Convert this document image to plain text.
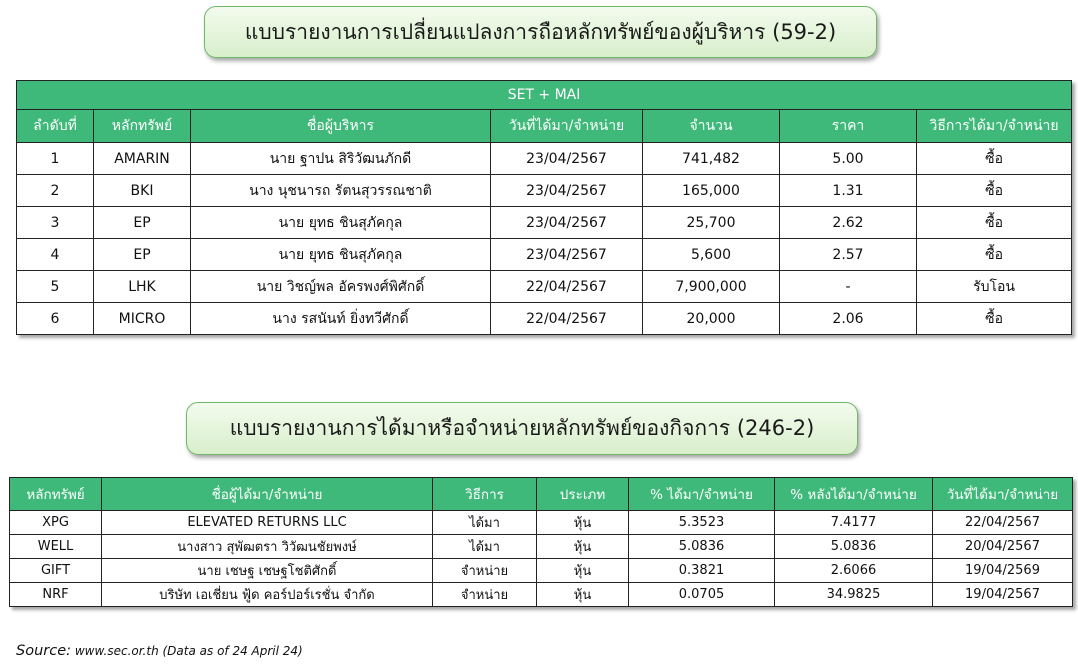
แบบรายงานการเปลี่ยนแปลงการถือหลักทรัพย์ของผู้บริหาร (59-2)
SET + MAI						
ลำดับที่	หลักทรัพย์	ชื่อผู้บริหาร	วันที่ได้มา/จำหน่าย	จำนวน	ราคา	วิธีการได้มา/จำหน่าย
1	AMARIN	นาย ฐาปน สิริวัฒนภักดี	23/04/2567	741,482	5.00	ซื้อ
2	BKI	นาง นุชนารถ รัตนสุวรรณชาติ	23/04/2567	165,000	1.31	ซื้อ
3	EP	นาย ยุทธ ชินสุภัคกุล	23/04/2567	25,700	2.62	ซื้อ
4	EP	นาย ยุทธ ชินสุภัคกุล	23/04/2567	5,600	2.57	ซื้อ
5	LHK	นาย วิชญ์พล อัครพงศ์พิศักดิ์	22/04/2567	7,900,000	-	รับโอน
6	MICRO	นาง รสนันท์ ยิ่งทวีศักดิ์	22/04/2567	20,000	2.06	ซื้อ
แบบรายงานการได้มาหรือจำหน่ายหลักทรัพย์ของกิจการ (246-2)
หลักทรัพย์	ชื่อผู้ได้มา/จำหน่าย	วิธีการ	ประเภท	% ได้มา/จำหน่าย	% หลังได้มา/จำหน่าย	วันที่ได้มา/จำหน่าย
XPG	ELEVATED RETURNS LLC	ได้มา	หุ้น	5.3523	7.4177	22/04/2567
WELL	นางสาว สุพัฒตรา วิวัฒนชัยพงษ์	ได้มา	หุ้น	5.0836	5.0836	20/04/2567
GIFT	นาย เชษฐ เชษฐโชติศักดิ์	จำหน่าย	หุ้น	0.3821	2.6066	19/04/2569
NRF	บริษัท เอเชี่ยน ฟู้ด คอร์ปอร์เรชั่น จำกัด	จำหน่าย	หุ้น	0.0705	34.9825	19/04/2567
Source: www.sec.or.th (Data as of 24 April 24)
